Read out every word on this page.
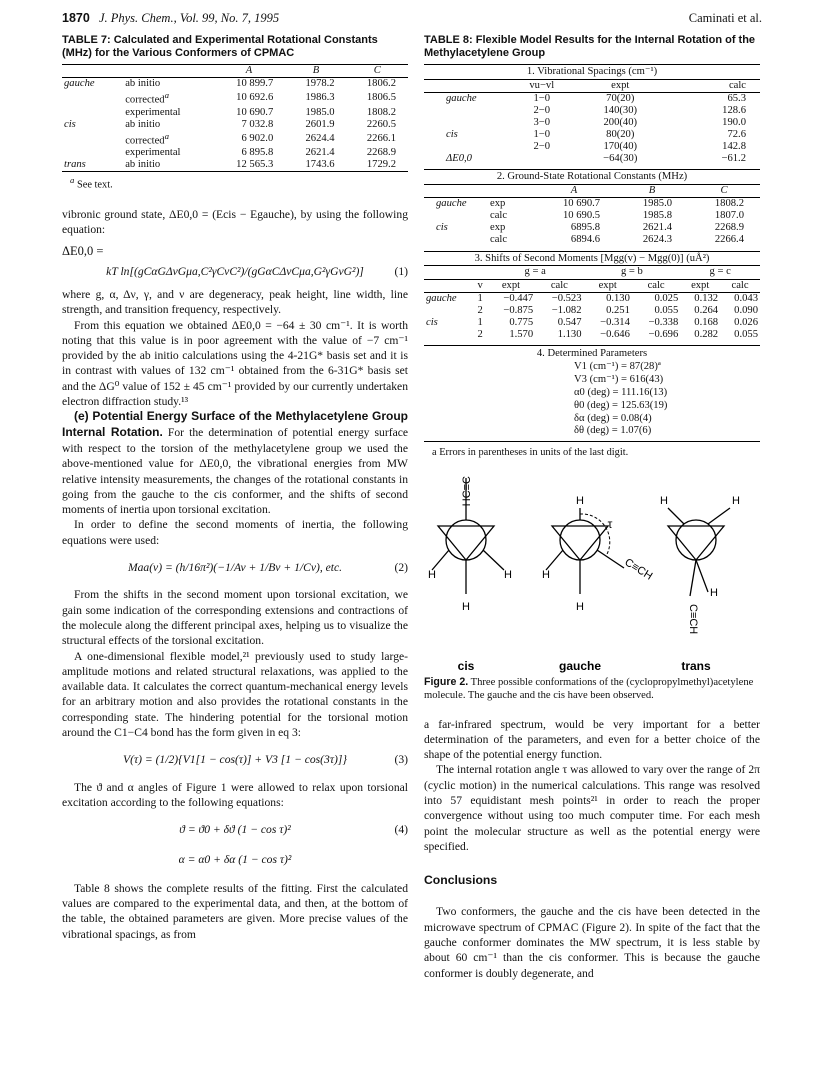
1870 J. Phys. Chem., Vol. 99, No. 7, 1995	Caminati et al.
TABLE 7: Calculated and Experimental Rotational Constants (MHz) for the Various Conformers of CPMAC
		A	B	C
gauche	ab initio	10 899.7	1978.2	1806.2
	corrected$^a$	10 692.6	1986.3	1806.5
	experimental	10 690.7	1985.0	1808.2
cis	ab initio	7 032.8	2601.9	2260.5
	corrected$^a$	6 902.0	2624.4	2266.1
	experimental	6 895.8	2621.4	2268.9
trans	ab initio	12 565.3	1743.6	1729.2
$^a$ See text.

vibronic ground state, ΔE0,0 = (Ecis − Egauche), by using the following equation:

ΔE0,0 =
kT ln[(gCαGΔνGμa,C²γCνC²)/(gGαCΔνCμa,G²γGνG²)]	(1)

where g, α, Δν, γ, and ν are degeneracy, peak height, line width, line strength, and transition frequency, respectively.

From this equation we obtained ΔE0,0 = −64 ± 30 cm⁻¹. It is worth noting that this value is in poor agreement with the value of −7 cm⁻¹ provided by the ab initio calculations using the 4-21G* basis set and it is in contrast with values of 132 cm⁻¹ obtained from the 6-31G* basis set and the ΔG⁰ value of 152 ± 45 cm⁻¹ provided by our currently undertaken electron diffraction study.¹³

(e) Potential Energy Surface of the Methylacetylene Group Internal Rotation. For the determination of potential energy surface with respect to the torsion of the methylacetylene group we used the above-mentioned value for ΔE0,0, the vibrational energies from MW relative intensity measurements, the changes of the rotational constants in going from the gauche to the cis conformer, and the shifts of second moments of inertia upon torsional excitation.

In order to define the second moments of inertia, the following equations were used:

Maa(v) = (h/16π²)(−1/Av + 1/Bv + 1/Cv), etc.	(2)

From the shifts in the second moment upon torsional excitation, we gain some indication of the corresponding extensions and contractions of the molecule along the different principal axes, helping us to visualize the structural effects of the torsional excitation.

A one-dimensional flexible model,²¹ previously used to study large-amplitude motions and related structural relaxations, was applied to the available data. It calculates the correct quantum-mechanical energy levels for an arbitrary motion and also provides the rotational constants in the corresponding state. The hindering potential for the torsional motion around the C1−C4 bond has the form given in eq 3:

V(τ) = (1/2){V1[1 − cos(τ)] + V3 [1 − cos(3τ)]}	(3)

The ϑ and α angles of Figure 1 were allowed to relax upon torsional excitation according to the following equations:

ϑ = ϑ0 + δϑ (1 − cos τ)²	(4)
α = α0 + δα (1 − cos τ)²

Table 8 shows the complete results of the fitting. First the calculated values are compared to the experimental data, and then, at the bottom of the table, the obtained parameters are given. More precise values of the vibrational spacings, as from

TABLE 8: Flexible Model Results for the Internal Rotation of the Methylacetylene Group
1. Vibrational Spacings (cm⁻¹)
	vu−vl	expt	calc
gauche	1−0	70(20)	65.3
	2−0	140(30)	128.6
	3−0	200(40)	190.0
cis	1−0	80(20)	72.6
	2−0	170(40)	142.8
ΔE0,0		−64(30)	−61.2
2. Ground-State Rotational Constants (MHz)
		A	B	C
gauche	exp	10 690.7	1985.0	1808.2
	calc	10 690.5	1985.8	1807.0
cis	exp	6895.8	2621.4	2268.9
	calc	6894.6	2624.3	2266.4
3. Shifts of Second Moments [Mgg(v) − Mgg(0)] (uÅ²)
		g = a		g = b		g = c	
	v	expt	calc	expt	calc	expt	calc
gauche	1	−0.447	−0.523	0.130	0.025	0.132	0.043
	2	−0.875	−1.082	0.251	0.055	0.264	0.090
cis	1	0.775	0.547	−0.314	−0.338	0.168	0.026
	2	1.570	1.130	−0.646	−0.696	0.282	0.055
4. Determined Parameters
V1 (cm⁻¹) = 87(28)ª
V3 (cm⁻¹) = 616(43)
α0 (deg) = 111.16(13)
θ0 (deg) = 125.63(19)
δα (deg) = 0.08(4)
δθ (deg) = 1.07(6)
a Errors in parentheses in units of the last digit.
HC≡C	H	H	H
τ
C≡CH
H
C≡CH
H	H
H
H
H
cis	gauche	trans
Figure 2. Three possible conformations of the (cyclopropylmethyl)acetylene molecule. The gauche and the cis have been observed.

a far-infrared spectrum, would be very important for a better determination of the parameters, and even for a better choice of the shape of the potential energy function.

The internal rotation angle τ was allowed to vary over the range of 2π (cyclic motion) in the numerical calculations. This range was resolved into 57 equidistant mesh points²¹ in order to reach the proper convergence without using too much computer time. For each mesh point the molecular structure as well as the potential energy were specified.

Conclusions

Two conformers, the gauche and the cis have been detected in the microwave spectrum of CPMAC (Figure 2). In spite of the fact that the gauche conformer dominates the MW spectrum, it is less stable by about 60 cm⁻¹ than the cis conformer. This is because the gauche conformer is doubly degenerate, and
